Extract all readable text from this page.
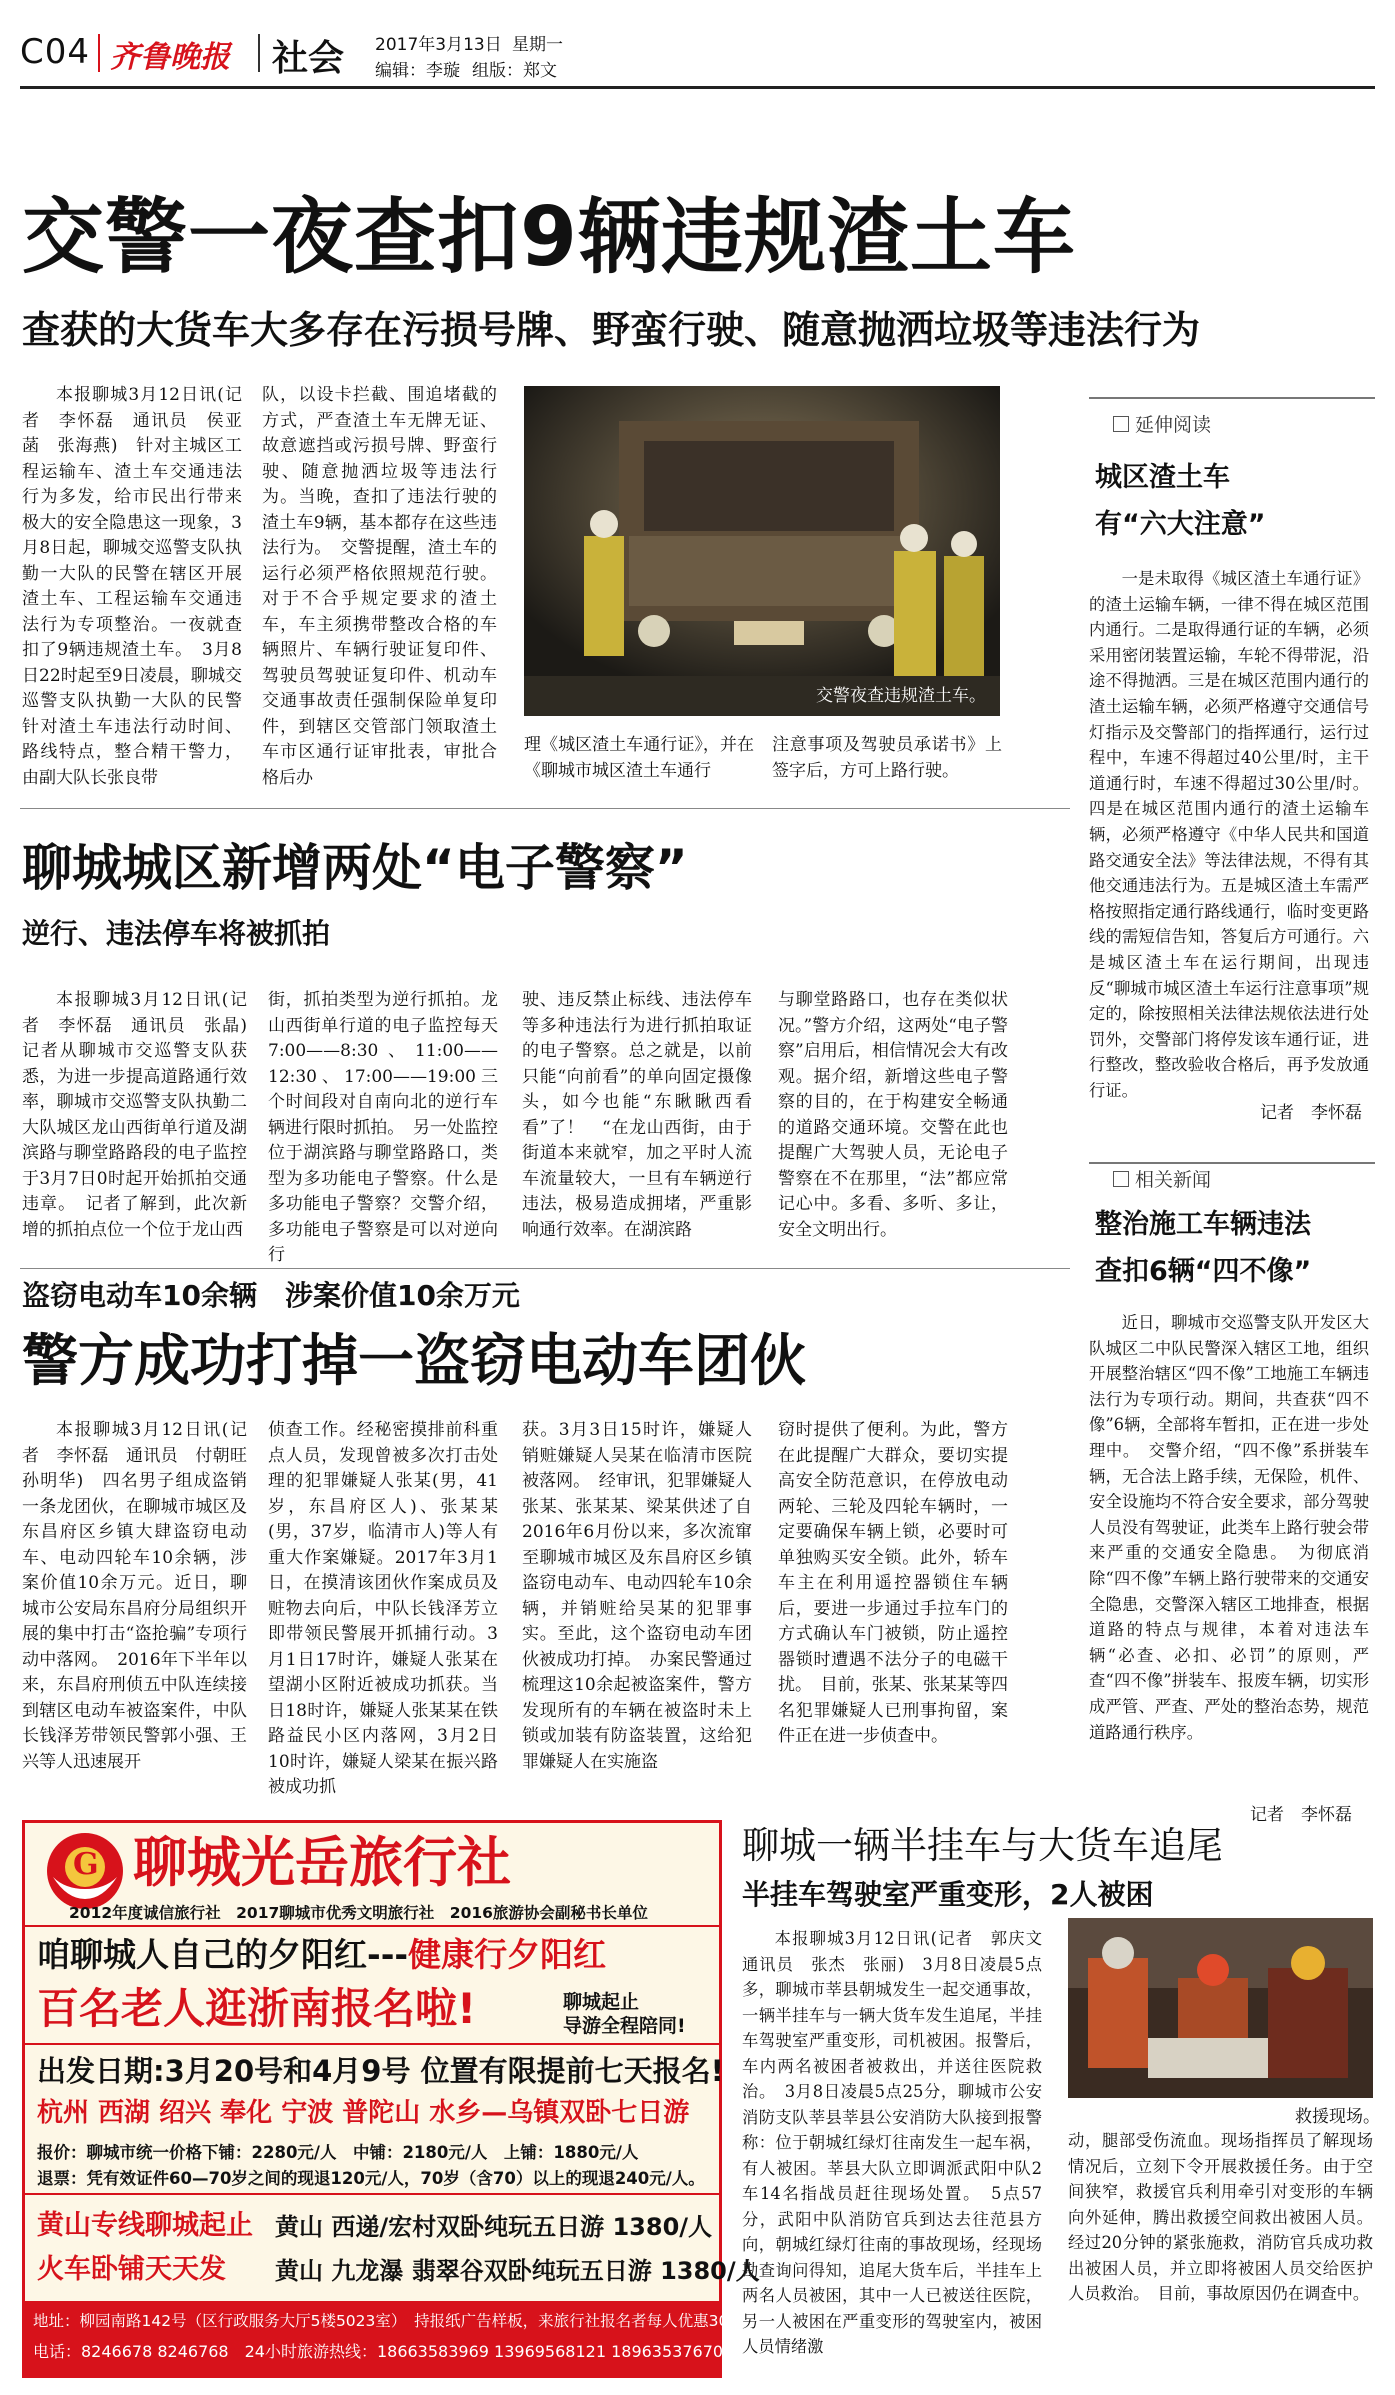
C04 齐鲁晚报 社会 2017年3月13日 星期一
编辑：李璇 组版：郑文
交警一夜查扣9辆违规渣土车
查获的大货车大多存在污损号牌、野蛮行驶、随意抛洒垃圾等违法行为

本报聊城3月12日讯(记者　李怀磊　通讯员　侯亚菡　张海燕)　针对主城区工程运输车、渣土车交通违法行为多发，给市民出行带来极大的安全隐患这一现象，3月8日起，聊城交巡警支队执勤一大队的民警在辖区开展渣土车、工程运输车交通违法行为专项整治。一夜就查扣了9辆违规渣土车。　3月8日22时起至9日凌晨，聊城交巡警支队执勤一大队的民警针对渣土车违法行动时间、路线特点，整合精干警力，由副大队长张良带

队，以设卡拦截、围追堵截的方式，严查渣土车无牌无证、故意遮挡或污损号牌、野蛮行驶、随意抛洒垃圾等违法行为。当晚，查扣了违法行驶的渣土车9辆，基本都存在这些违法行为。　交警提醒，渣土车的运行必须严格依照规范行驶。对于不合乎规定要求的渣土车，车主须携带整改合格的车辆照片、车辆行驶证复印件、驾驶员驾驶证复印件、机动车交通事故责任强制保险单复印件，到辖区交管部门领取渣土车市区通行证审批表，审批合格后办

交警夜查违规渣土车。

理《城区渣土车通行证》，并在《聊城市城区渣土车通行

注意事项及驾驶员承诺书》上签字后，方可上路行驶。

延伸阅读
城区渣土车
有“六大注意”

一是未取得《城区渣土车通行证》的渣土运输车辆，一律不得在城区范围内通行。二是取得通行证的车辆，必须采用密闭装置运输，车轮不得带泥，沿途不得抛洒。三是在城区范围内通行的渣土运输车辆，必须严格遵守交通信号灯指示及交警部门的指挥通行，运行过程中，车速不得超过40公里/时，主干道通行时，车速不得超过30公里/时。四是在城区范围内通行的渣土运输车辆，必须严格遵守《中华人民共和国道路交通安全法》等法律法规，不得有其他交通违法行为。五是城区渣土车需严格按照指定通行路线通行，临时变更路线的需短信告知，答复后方可通行。六是城区渣土车在运行期间，出现违反“聊城市城区渣土车运行注意事项”规定的，除按照相关法律法规依法进行处罚外，交警部门将停发该车通行证，进行整改，整改验收合格后，再予发放通行证。

记者　李怀磊
聊城城区新增两处“电子警察”
逆行、违法停车将被抓拍

本报聊城3月12日讯(记者　李怀磊　通讯员　张晶)　记者从聊城市交巡警支队获悉，为进一步提高道路通行效率，聊城市交巡警支队执勤二大队城区龙山西街单行道及湖滨路与聊堂路路段的电子监控于3月7日0时起开始抓拍交通违章。　记者了解到，此次新增的抓拍点位一个位于龙山西

街，抓拍类型为逆行抓拍。龙山西街单行道的电子监控每天7:00——8:30、11:00——12:30、17:00——19:00三个时间段对自南向北的逆行车辆进行限时抓拍。　另一处监控位于湖滨路与聊堂路路口，类型为多功能电子警察。什么是多功能电子警察？交警介绍，多功能电子警察是可以对逆向行

驶、违反禁止标线、违法停车等多种违法行为进行抓拍取证的电子警察。总之就是，以前只能“向前看”的单向固定摄像头，如今也能“东瞅瞅西看看”了！　“在龙山西街，由于街道本来就窄，加之平时人流车流量较大，一旦有车辆逆行违法，极易造成拥堵，严重影响通行效率。在湖滨路

与聊堂路路口，也存在类似状况。”警方介绍，这两处“电子警察”启用后，相信情况会大有改观。据介绍，新增这些电子警察的目的，在于构建安全畅通的道路交通环境。交警在此也提醒广大驾驶人员，无论电子警察在不在那里，“法”都应常记心中。多看、多听、多让，安全文明出行。

盗窃电动车10余辆　涉案价值10余万元
警方成功打掉一盗窃电动车团伙

本报聊城3月12日讯(记者　李怀磊　通讯员　付朝旺　孙明华)　四名男子组成盗销一条龙团伙，在聊城市城区及东昌府区乡镇大肆盗窃电动车、电动四轮车10余辆，涉案价值10余万元。近日，聊城市公安局东昌府分局组织开展的集中打击“盗抢骗”专项行动中落网。　2016年下半年以来，东昌府刑侦五中队连续接到辖区电动车被盗案件，中队长钱泽芳带领民警郭小强、王兴等人迅速展开

侦查工作。经秘密摸排前科重点人员，发现曾被多次打击处理的犯罪嫌疑人张某(男，41岁，东昌府区人)、张某某(男，37岁，临清市人)等人有重大作案嫌疑。2017年3月1日，在摸清该团伙作案成员及赃物去向后，中队长钱泽芳立即带领民警展开抓捕行动。3月1日17时许，嫌疑人张某在望湖小区附近被成功抓获。当日18时许，嫌疑人张某某在铁路益民小区内落网，3月2日10时许，嫌疑人梁某在振兴路被成功抓

获。3月3日15时许，嫌疑人销赃嫌疑人吴某在临清市医院被落网。　经审讯，犯罪嫌疑人张某、张某某、梁某供述了自2016年6月份以来，多次流窜至聊城市城区及东昌府区乡镇盗窃电动车、电动四轮车10余辆，并销赃给吴某的犯罪事实。至此，这个盗窃电动车团伙被成功打掉。　办案民警通过梳理这10余起被盗案件，警方发现所有的车辆在被盗时未上锁或加装有防盗装置，这给犯罪嫌疑人在实施盗

窃时提供了便利。为此，警方在此提醒广大群众，要切实提高安全防范意识，在停放电动两轮、三轮及四轮车辆时，一定要确保车辆上锁，必要时可单独购买安全锁。此外，轿车车主在利用遥控器锁住车辆后，要进一步通过手拉车门的方式确认车门被锁，防止遥控器锁时遭遇不法分子的电磁干扰。　目前，张某、张某某等四名犯罪嫌疑人已刑事拘留，案件正在进一步侦查中。

相关新闻
整治施工车辆违法
查扣6辆“四不像”

近日，聊城市交巡警支队开发区大队城区二中队民警深入辖区工地，组织开展整治辖区“四不像”工地施工车辆违法行为专项行动。期间，共查获“四不像”6辆，全部将车暂扣，正在进一步处理中。　交警介绍，“四不像”系拼装车辆，无合法上路手续，无保险，机件、安全设施均不符合安全要求，部分驾驶人员没有驾驶证，此类车上路行驶会带来严重的交通安全隐患。　为彻底消除“四不像”车辆上路行驶带来的交通安全隐患，交警深入辖区工地排查，根据道路的特点与规律，本着对违法车辆“必查、必扣、必罚”的原则，严查“四不像”拼装车、报废车辆，切实形成严管、严查、严处的整治态势，规范道路通行秩序。

记者　李怀磊
G 聊城光岳旅行社
2012年度诚信旅行社　2017聊城市优秀文明旅行社　2016旅游协会副秘书长单位
咱聊城人自己的夕阳红---健康行夕阳红
百名老人逛浙南报名啦!	聊城起止
导游全程陪同!
出发日期:3月20号和4月9号 位置有限提前七天报名!
杭州 西湖 绍兴 奉化 宁波 普陀山 水乡—乌镇双卧七日游
报价：聊城市统一价格下铺：2280元/人　中铺：2180元/人　上铺：1880元/人
退票：凭有效证件60—70岁之间的现退120元/人，70岁（含70）以上的现退240元/人。
黄山专线聊城起止 黄山 西递/宏村双卧纯玩五日游 1380/人
火车卧铺天天发 黄山 九龙瀑 翡翠谷双卧纯玩五日游 1380/人
地址：柳园南路142号（区行政服务大厅5楼5023室）　持报纸广告样板，来旅行社报名者每人优惠30元/人
电话：8246678 8246768　24小时旅游热线：18663583969 13969568121 18963537670
聊城一辆半挂车与大货车追尾
半挂车驾驶室严重变形，2人被困

本报聊城3月12日讯(记者　郭庆文　通讯员　张杰　张丽)　3月8日凌晨5点多，聊城市莘县朝城发生一起交通事故，一辆半挂车与一辆大货车发生追尾，半挂车驾驶室严重变形，司机被困。报警后，车内两名被困者被救出，并送往医院救治。　3月8日凌晨5点25分，聊城市公安消防支队莘县莘县公安消防大队接到报警称：位于朝城红绿灯往南发生一起车祸，有人被困。莘县大队立即调派武阳中队2车14名指战员赶往现场处置。　5点57分，武阳中队消防官兵到达去往范县方向，朝城红绿灯往南的事故现场，经现场勘查询问得知，追尾大货车后，半挂车上两名人员被困，其中一人已被送往医院，另一人被困在严重变形的驾驶室内，被困人员情绪激

救援现场。

动，腿部受伤流血。现场指挥员了解现场情况后，立刻下令开展救援任务。由于空间狭窄，救援官兵利用牵引对变形的车辆向外延伸，腾出救援空间救出被困人员。经过20分钟的紧张施救，消防官兵成功救出被困人员，并立即将被困人员交给医护人员救治。　目前，事故原因仍在调查中。
